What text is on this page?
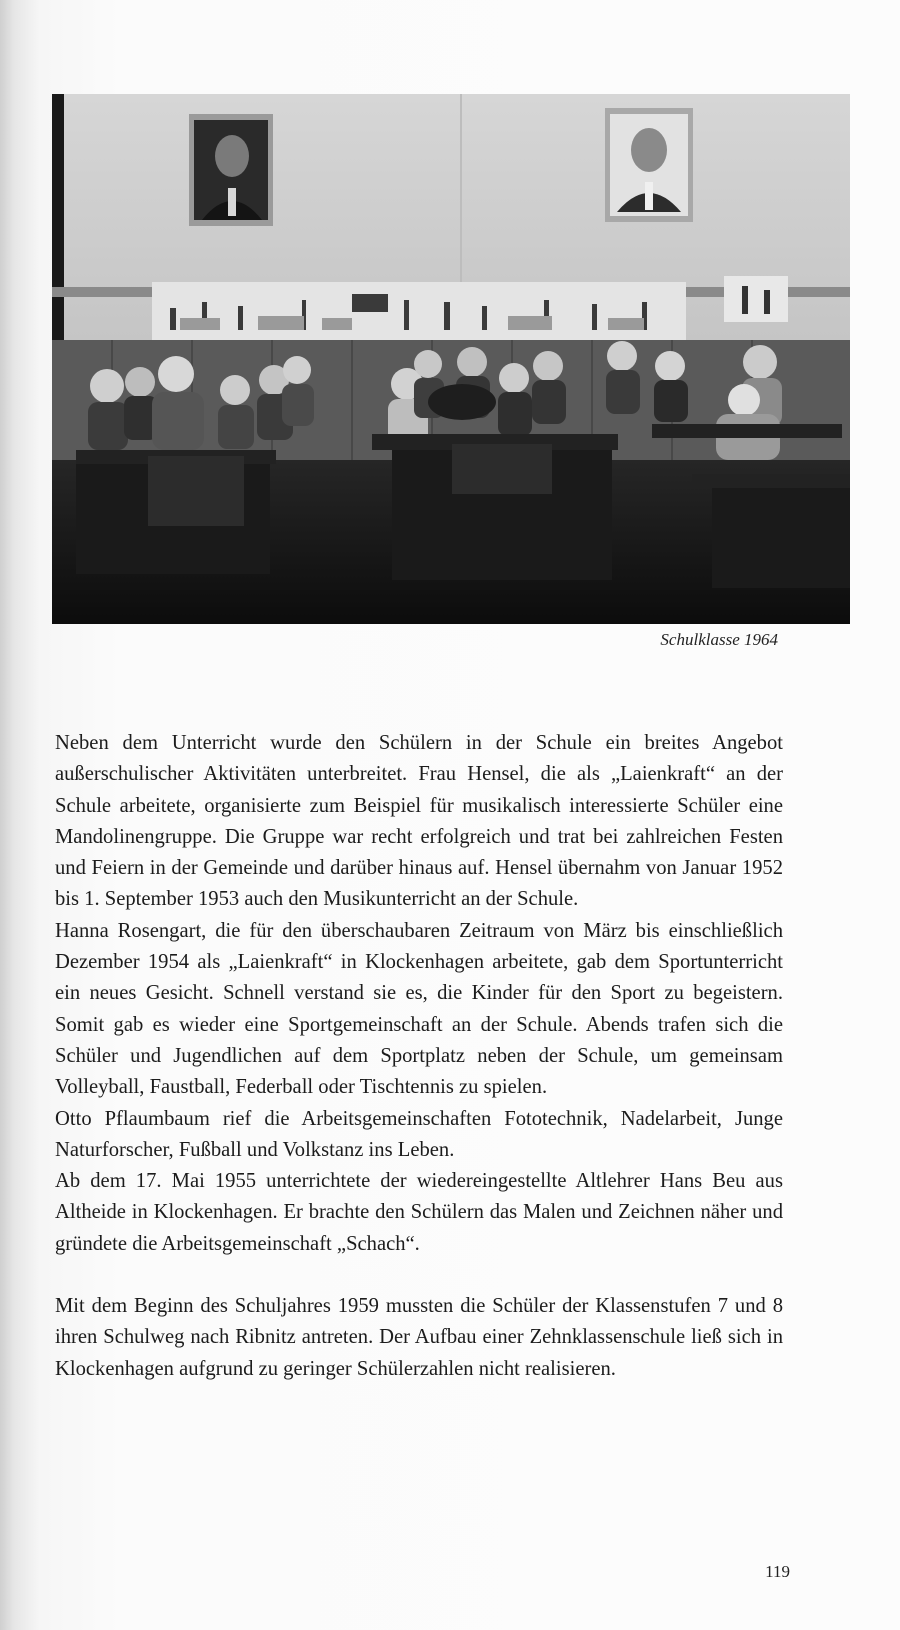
Schulklasse 1964

Neben dem Unterricht wurde den Schülern in der Schule ein breites Angebot außerschulischer Aktivitäten unterbreitet. Frau Hensel, die als „Laienkraft“ an der Schule arbeitete, organisierte zum Beispiel für musikalisch interessierte Schüler eine Mandolinengruppe. Die Gruppe war recht erfolgreich und trat bei zahlreichen Festen und Feiern in der Gemeinde und darüber hinaus auf. Hensel übernahm von Januar 1952 bis 1. September 1953 auch den Musikunterricht an der Schule.

Hanna Rosengart, die für den überschaubaren Zeitraum von März bis einschließlich Dezember 1954 als „Laienkraft“ in Klockenhagen arbeitete, gab dem Sportunterricht ein neues Gesicht. Schnell verstand sie es, die Kinder für den Sport zu begeistern. Somit gab es wieder eine Sportgemeinschaft an der Schule. Abends trafen sich die Schüler und Jugendlichen auf dem Sportplatz neben der Schule, um gemeinsam Volleyball, Faustball, Federball oder Tischtennis zu spielen.

Otto Pflaumbaum rief die Arbeitsgemeinschaften Fototechnik, Nadelarbeit, Junge Naturforscher, Fußball und Volkstanz ins Leben.

Ab dem 17. Mai 1955 unterrichtete der wiedereingestellte Altlehrer Hans Beu aus Altheide in Klockenhagen. Er brachte den Schülern das Malen und Zeichnen näher und gründete die Arbeitsgemeinschaft „Schach“.

Mit dem Beginn des Schuljahres 1959 mussten die Schüler der Klassenstufen 7 und 8 ihren Schulweg nach Ribnitz antreten. Der Aufbau einer Zehnklassenschule ließ sich in Klockenhagen aufgrund zu geringer Schülerzahlen nicht realisieren.

119
